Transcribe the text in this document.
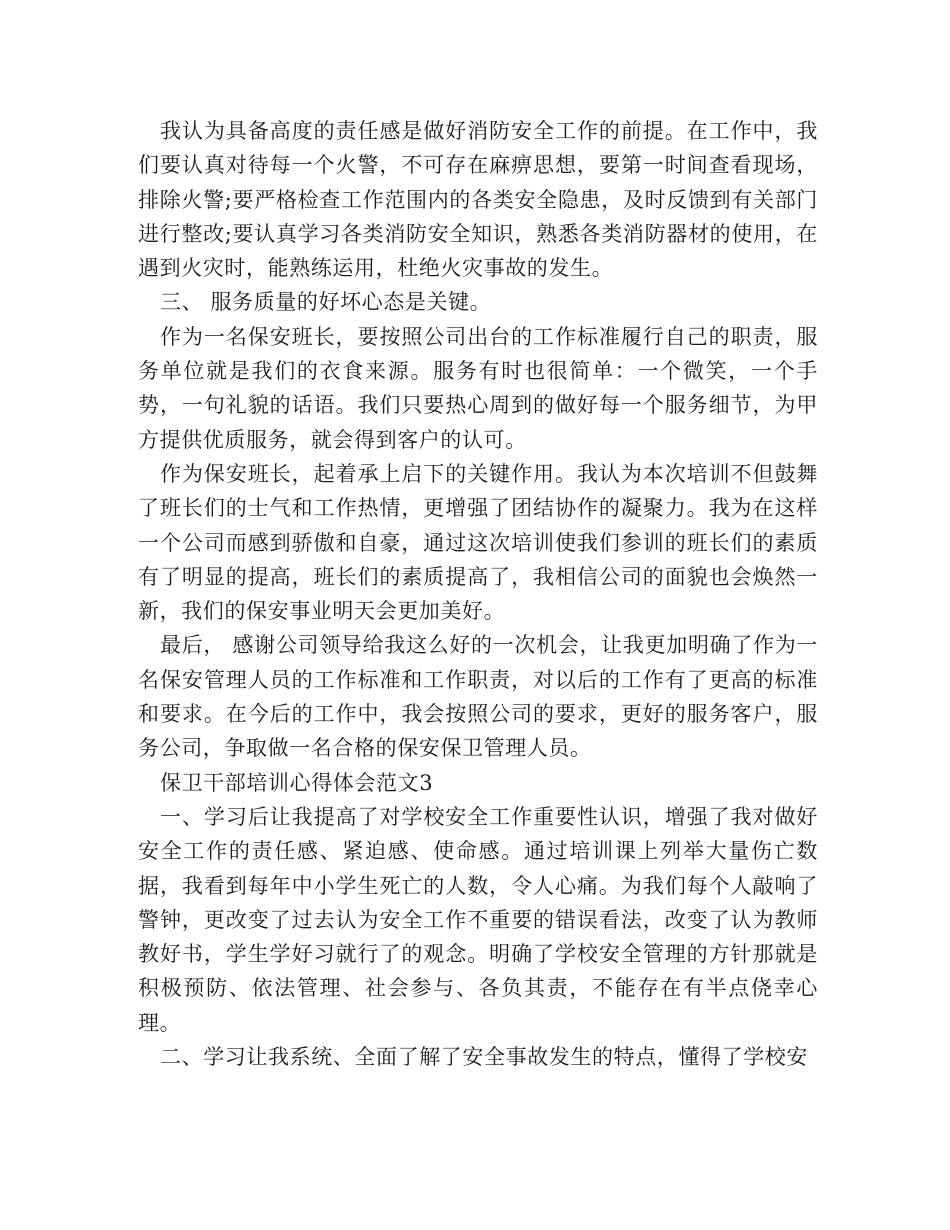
我认为具备高度的责任感是做好消防安全工作的前提。在工作中，我们要认真对待每一个火警，不可存在麻痹思想，要第一时间查看现场，排除火警;要严格检查工作范围内的各类安全隐患，及时反馈到有关部门进行整改;要认真学习各类消防安全知识，熟悉各类消防器材的使用，在遇到火灾时，能熟练运用，杜绝火灾事故的发生。

三、 服务质量的好坏心态是关键。

作为一名保安班长，要按照公司出台的工作标准履行自己的职责，服务单位就是我们的衣食来源。服务有时也很简单：一个微笑，一个手势，一句礼貌的话语。我们只要热心周到的做好每一个服务细节，为甲方提供优质服务，就会得到客户的认可。

作为保安班长，起着承上启下的关键作用。我认为本次培训不但鼓舞了班长们的士气和工作热情，更增强了团结协作的凝聚力。我为在这样一个公司而感到骄傲和自豪，通过这次培训使我们参训的班长们的素质有了明显的提高，班长们的素质提高了，我相信公司的面貌也会焕然一新，我们的保安事业明天会更加美好。

最后， 感谢公司领导给我这么好的一次机会，让我更加明确了作为一名保安管理人员的工作标准和工作职责，对以后的工作有了更高的标准和要求。在今后的工作中，我会按照公司的要求，更好的服务客户，服务公司，争取做一名合格的保安保卫管理人员。

保卫干部培训心得体会范文3

一、学习后让我提高了对学校安全工作重要性认识，增强了我对做好安全工作的责任感、紧迫感、使命感。通过培训课上列举大量伤亡数据，我看到每年中小学生死亡的人数，令人心痛。为我们每个人敲响了警钟，更改变了过去认为安全工作不重要的错误看法，改变了认为教师教好书，学生学好习就行了的观念。明确了学校安全管理的方针那就是积极预防、依法管理、社会参与、各负其责，不能存在有半点侥幸心理。

二、学习让我系统、全面了解了安全事故发生的特点，懂得了学校安
